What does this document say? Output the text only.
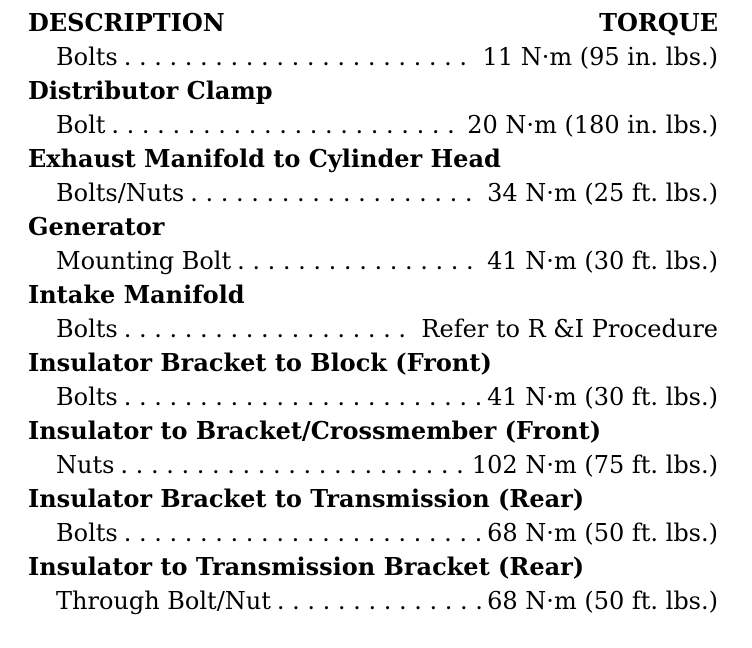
DESCRIPTION	TORQUE
Bolts . . .	11 N·m (95 in. lbs.)
Distributor Clamp
Bolt . . .	20 N·m (180 in. lbs.)
Exhaust Manifold to Cylinder Head
Bolts/Nuts . . .	34 N·m (25 ft. lbs.)
Generator
Mounting Bolt . . .	41 N·m (30 ft. lbs.)
Intake Manifold
Bolts . . .	Refer to R &I Procedure
Insulator Bracket to Block (Front)
Bolts . . .	41 N·m (30 ft. lbs.)
Insulator to Bracket/Crossmember (Front)
Nuts . . .	102 N·m (75 ft. lbs.)
Insulator Bracket to Transmission (Rear)
Bolts . . .	68 N·m (50 ft. lbs.)
Insulator to Transmission Bracket (Rear)
Through Bolt/Nut . . .	68 N·m (50 ft. lbs.)
